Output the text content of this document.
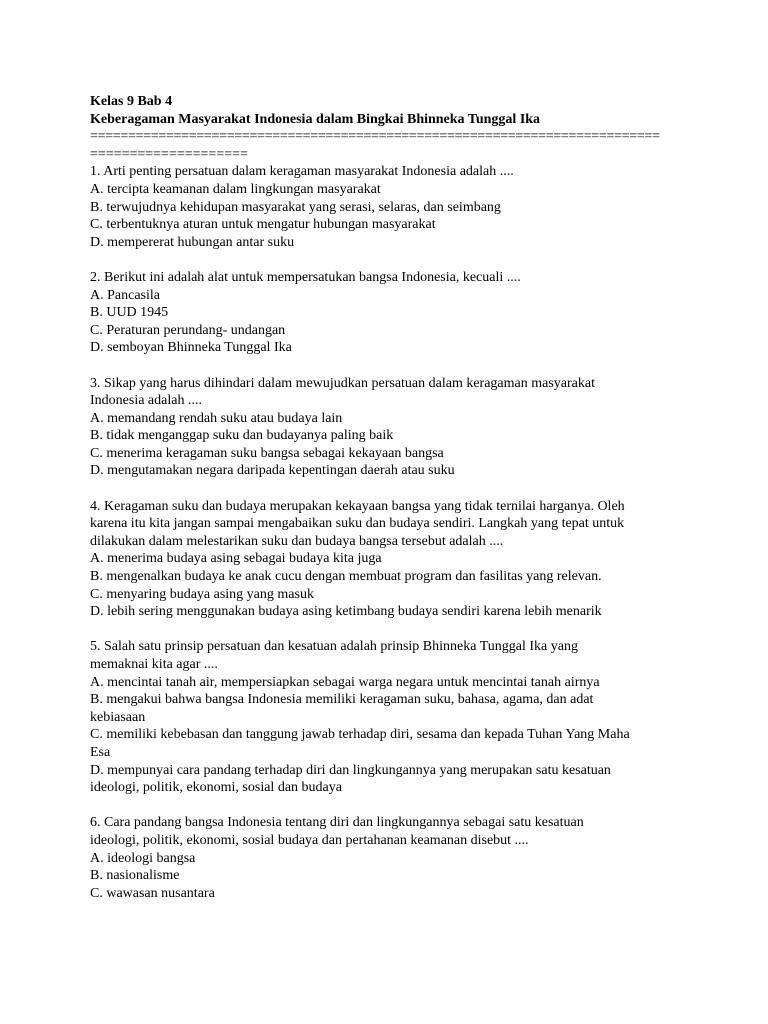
Kelas 9 Bab 4
Keberagaman Masyarakat Indonesia dalam Bingkai Bhinneka Tunggal Ika
===========================================================================
====================
1. Arti penting persatuan dalam keragaman masyarakat Indonesia adalah ....
A. tercipta keamanan dalam lingkungan masyarakat
B. terwujudnya kehidupan masyarakat yang serasi, selaras, dan seimbang
C. terbentuknya aturan untuk mengatur hubungan masyarakat
D. mempererat hubungan antar suku
2. Berikut ini adalah alat untuk mempersatukan bangsa Indonesia, kecuali ....
A. Pancasila
B. UUD 1945
C. Peraturan perundang- undangan
D. semboyan Bhinneka Tunggal Ika
3. Sikap yang harus dihindari dalam mewujudkan persatuan dalam keragaman masyarakat
Indonesia adalah ....
A. memandang rendah suku atau budaya lain
B. tidak menganggap suku dan budayanya paling baik
C. menerima keragaman suku bangsa sebagai kekayaan bangsa
D. mengutamakan negara daripada kepentingan daerah atau suku
4. Keragaman suku dan budaya merupakan kekayaan bangsa yang tidak ternilai harganya. Oleh
karena itu kita jangan sampai mengabaikan suku dan budaya sendiri. Langkah yang tepat untuk
dilakukan dalam melestarikan suku dan budaya bangsa tersebut adalah ....
A. menerima budaya asing sebagai budaya kita juga
B. mengenalkan budaya ke anak cucu dengan membuat program dan fasilitas yang relevan.
C. menyaring budaya asing yang masuk
D. lebih sering menggunakan budaya asing ketimbang budaya sendiri karena lebih menarik
5. Salah satu prinsip persatuan dan kesatuan adalah prinsip Bhinneka Tunggal Ika yang
memaknai kita agar ....
A. mencintai tanah air, mempersiapkan sebagai warga negara untuk mencintai tanah airnya
B. mengakui bahwa bangsa Indonesia memiliki keragaman suku, bahasa, agama, dan adat
kebiasaan
C. memiliki kebebasan dan tanggung jawab terhadap diri, sesama dan kepada Tuhan Yang Maha
Esa
D. mempunyai cara pandang terhadap diri dan lingkungannya yang merupakan satu kesatuan
ideologi, politik, ekonomi, sosial dan budaya
6. Cara pandang bangsa Indonesia tentang diri dan lingkungannya sebagai satu kesatuan
ideologi, politik, ekonomi, sosial budaya dan pertahanan keamanan disebut ....
A. ideologi bangsa
B. nasionalisme
C. wawasan nusantara
